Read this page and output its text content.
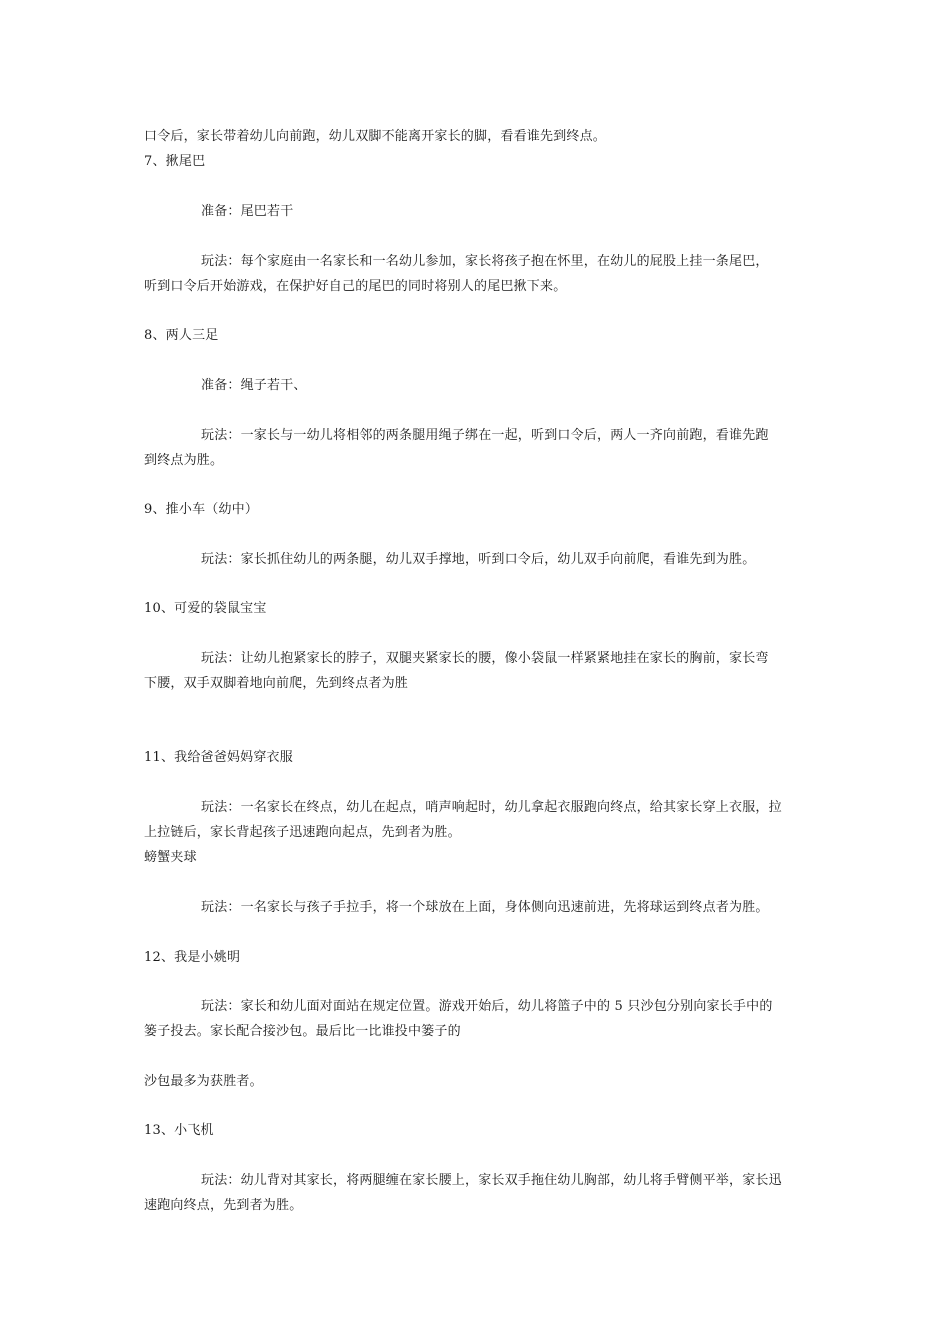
口令后，家长带着幼儿向前跑，幼儿双脚不能离开家长的脚，看看谁先到终点。
7、揪尾巴
准备：尾巴若干
玩法：每个家庭由一名家长和一名幼儿参加，家长将孩子抱在怀里，在幼儿的屁股上挂一条尾巴，
听到口令后开始游戏，在保护好自己的尾巴的同时将别人的尾巴揪下来。
8、两人三足
准备：绳子若干、
玩法：一家长与一幼儿将相邻的两条腿用绳子绑在一起，听到口令后，两人一齐向前跑，看谁先跑
到终点为胜。
9、推小车（幼中）
玩法：家长抓住幼儿的两条腿，幼儿双手撑地，听到口令后，幼儿双手向前爬，看谁先到为胜。
10、可爱的袋鼠宝宝
玩法：让幼儿抱紧家长的脖子，双腿夹紧家长的腰，像小袋鼠一样紧紧地挂在家长的胸前，家长弯
下腰，双手双脚着地向前爬，先到终点者为胜
11、我给爸爸妈妈穿衣服
玩法：一名家长在终点，幼儿在起点，哨声响起时，幼儿拿起衣服跑向终点，给其家长穿上衣服，拉
上拉链后，家长背起孩子迅速跑向起点，先到者为胜。
螃蟹夹球
玩法：一名家长与孩子手拉手，将一个球放在上面，身体侧向迅速前进，先将球运到终点者为胜。
12、我是小姚明
玩法：家长和幼儿面对面站在规定位置。游戏开始后，幼儿将篮子中的 5 只沙包分别向家长手中的
篓子投去。家长配合接沙包。最后比一比谁投中篓子的
沙包最多为获胜者。
13、小飞机
玩法：幼儿背对其家长，将两腿缠在家长腰上，家长双手拖住幼儿胸部，幼儿将手臂侧平举，家长迅
速跑向终点，先到者为胜。
